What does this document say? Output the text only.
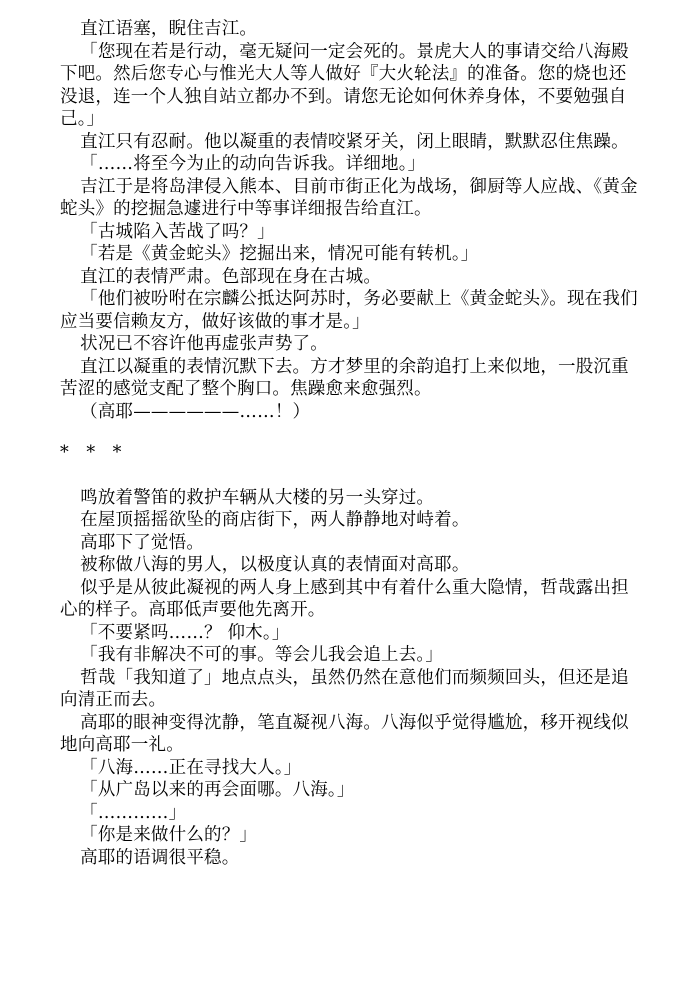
直江语塞，睨住吉江。

「您现在若是行动，毫无疑问一定会死的。景虎大人的事请交给八海殿下吧。然后您专心与惟光大人等人做好『大火轮法』的准备。您的烧也还没退，连一个人独自站立都办不到。请您无论如何休养身体，不要勉强自己。」

直江只有忍耐。他以凝重的表情咬紧牙关，闭上眼睛，默默忍住焦躁。

「……将至今为止的动向告诉我。详细地。」

吉江于是将岛津侵入熊本、目前市街正化为战场，御厨等人应战、《黄金蛇头》的挖掘急遽进行中等事详细报告给直江。

「古城陷入苦战了吗？」

「若是《黄金蛇头》挖掘出来，情况可能有转机。」

直江的表情严肃。色部现在身在古城。

「他们被吩咐在宗麟公抵达阿苏时，务必要献上《黄金蛇头》。现在我们应当要信赖友方，做好该做的事才是。」

状况已不容许他再虚张声势了。

直江以凝重的表情沉默下去。方才梦里的余韵追打上来似地，一股沉重苦涩的感觉支配了整个胸口。焦躁愈来愈强烈。

（高耶——————……！）

* * *

鸣放着警笛的救护车辆从大楼的另一头穿过。

在屋顶摇摇欲坠的商店街下，两人静静地对峙着。

高耶下了觉悟。

被称做八海的男人，以极度认真的表情面对高耶。

似乎是从彼此凝视的两人身上感到其中有着什么重大隐情，哲哉露出担心的样子。高耶低声要他先离开。

「不要紧吗……？ 仰木。」

「我有非解决不可的事。等会儿我会追上去。」

哲哉「我知道了」地点点头，虽然仍然在意他们而频频回头，但还是追向清正而去。

高耶的眼神变得沈静，笔直凝视八海。八海似乎觉得尴尬，移开视线似地向高耶一礼。

「八海……正在寻找大人。」

「从广岛以来的再会面哪。八海。」

「…………」

「你是来做什么的？」

高耶的语调很平稳。
